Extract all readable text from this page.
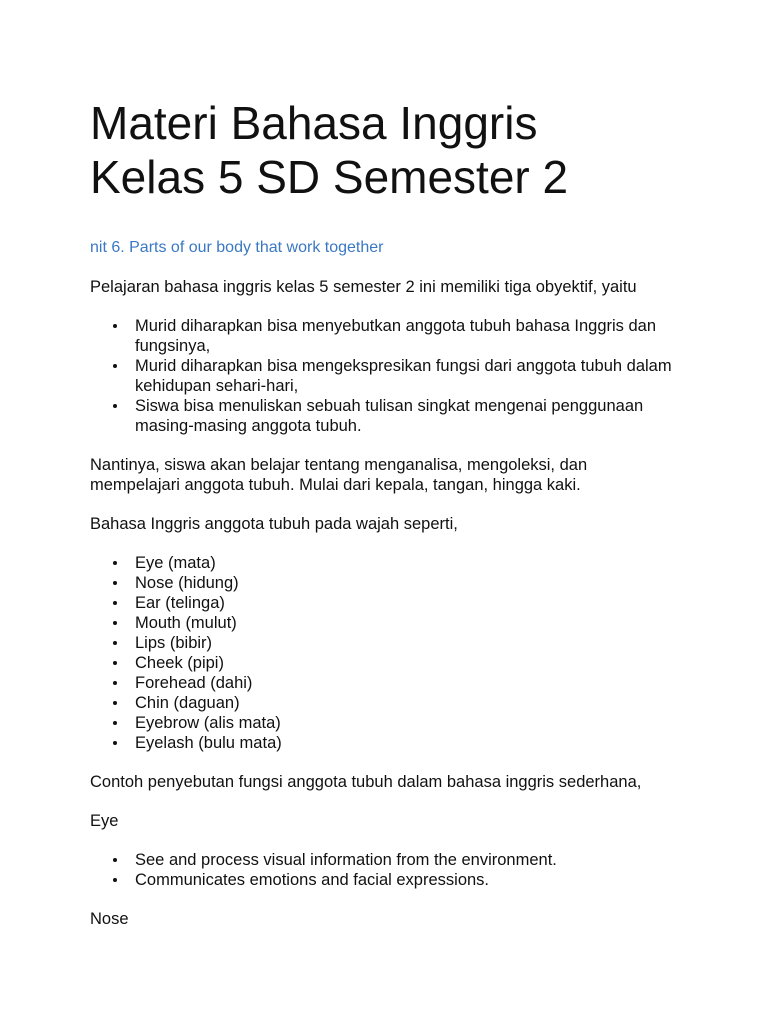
Materi Bahasa Inggris
Kelas 5 SD Semester 2
nit 6. Parts of our body that work together

Pelajaran bahasa inggris kelas 5 semester 2 ini memiliki tiga obyektif, yaitu

Murid diharapkan bisa menyebutkan anggota tubuh bahasa Inggris dan fungsinya,
Murid diharapkan bisa mengekspresikan fungsi dari anggota tubuh dalam kehidupan sehari-hari,
Siswa bisa menuliskan sebuah tulisan singkat mengenai penggunaan masing-masing anggota tubuh.

Nantinya, siswa akan belajar tentang menganalisa, mengoleksi, dan mempelajari anggota tubuh. Mulai dari kepala, tangan, hingga kaki.

Bahasa Inggris anggota tubuh pada wajah seperti,

Eye (mata)
Nose (hidung)
Ear (telinga)
Mouth (mulut)
Lips (bibir)
Cheek (pipi)
Forehead (dahi)
Chin (daguan)
Eyebrow (alis mata)
Eyelash (bulu mata)

Contoh penyebutan fungsi anggota tubuh dalam bahasa inggris sederhana,

Eye

See and process visual information from the environment.
Communicates emotions and facial expressions.

Nose
